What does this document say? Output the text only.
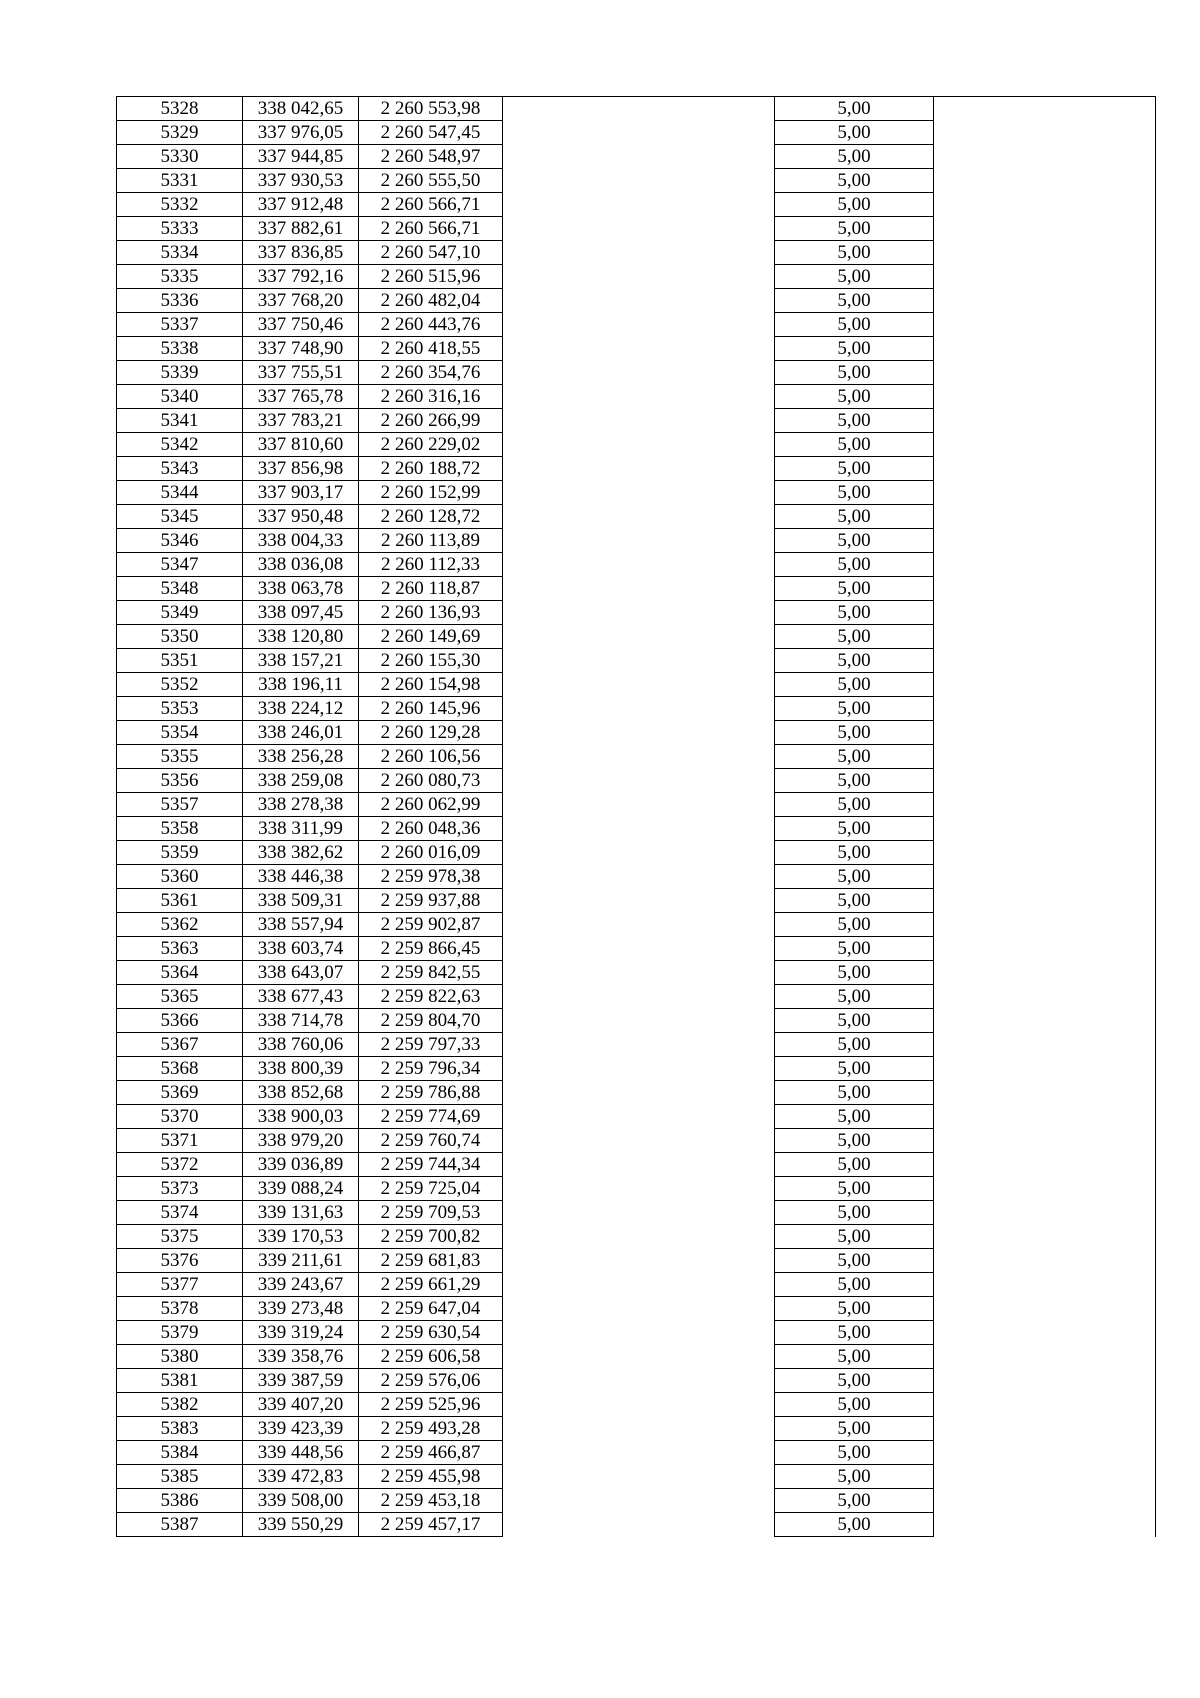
5328	338 042,65	2 260 553,98		5,00	
5329	337 976,05	2 260 547,45		5,00	
5330	337 944,85	2 260 548,97		5,00	
5331	337 930,53	2 260 555,50		5,00	
5332	337 912,48	2 260 566,71		5,00	
5333	337 882,61	2 260 566,71		5,00	
5334	337 836,85	2 260 547,10		5,00	
5335	337 792,16	2 260 515,96		5,00	
5336	337 768,20	2 260 482,04		5,00	
5337	337 750,46	2 260 443,76		5,00	
5338	337 748,90	2 260 418,55		5,00	
5339	337 755,51	2 260 354,76		5,00	
5340	337 765,78	2 260 316,16		5,00	
5341	337 783,21	2 260 266,99		5,00	
5342	337 810,60	2 260 229,02		5,00	
5343	337 856,98	2 260 188,72		5,00	
5344	337 903,17	2 260 152,99		5,00	
5345	337 950,48	2 260 128,72		5,00	
5346	338 004,33	2 260 113,89		5,00	
5347	338 036,08	2 260 112,33		5,00	
5348	338 063,78	2 260 118,87		5,00	
5349	338 097,45	2 260 136,93		5,00	
5350	338 120,80	2 260 149,69		5,00	
5351	338 157,21	2 260 155,30		5,00	
5352	338 196,11	2 260 154,98		5,00	
5353	338 224,12	2 260 145,96		5,00	
5354	338 246,01	2 260 129,28		5,00	
5355	338 256,28	2 260 106,56		5,00	
5356	338 259,08	2 260 080,73		5,00	
5357	338 278,38	2 260 062,99		5,00	
5358	338 311,99	2 260 048,36		5,00	
5359	338 382,62	2 260 016,09		5,00	
5360	338 446,38	2 259 978,38		5,00	
5361	338 509,31	2 259 937,88		5,00	
5362	338 557,94	2 259 902,87		5,00	
5363	338 603,74	2 259 866,45		5,00	
5364	338 643,07	2 259 842,55		5,00	
5365	338 677,43	2 259 822,63		5,00	
5366	338 714,78	2 259 804,70		5,00	
5367	338 760,06	2 259 797,33		5,00	
5368	338 800,39	2 259 796,34		5,00	
5369	338 852,68	2 259 786,88		5,00	
5370	338 900,03	2 259 774,69		5,00	
5371	338 979,20	2 259 760,74		5,00	
5372	339 036,89	2 259 744,34		5,00	
5373	339 088,24	2 259 725,04		5,00	
5374	339 131,63	2 259 709,53		5,00	
5375	339 170,53	2 259 700,82		5,00	
5376	339 211,61	2 259 681,83		5,00	
5377	339 243,67	2 259 661,29		5,00	
5378	339 273,48	2 259 647,04		5,00	
5379	339 319,24	2 259 630,54		5,00	
5380	339 358,76	2 259 606,58		5,00	
5381	339 387,59	2 259 576,06		5,00	
5382	339 407,20	2 259 525,96		5,00	
5383	339 423,39	2 259 493,28		5,00	
5384	339 448,56	2 259 466,87		5,00	
5385	339 472,83	2 259 455,98		5,00	
5386	339 508,00	2 259 453,18		5,00	
5387	339 550,29	2 259 457,17		5,00	
